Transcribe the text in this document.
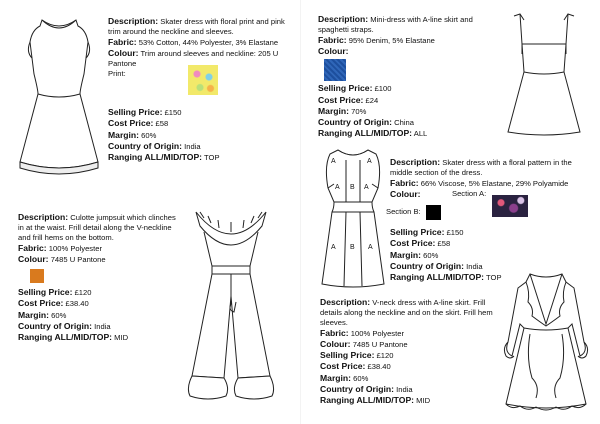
Description: Skater dress with floral print and pink trim around the neckline and sleeves.

Fabric: 53% Cotton, 44% Polyester, 3% Elastane

Colour: Trim around sleeves and neckline: 205 U Pantone

Print:

Selling Price: £150

Cost Price: £58

Margin: 60%

Country of Origin: India

Ranging ALL/MID/TOP: TOP

Description: Mini-dress with A-line skirt and spaghetti straps.

Fabric: 95% Denim, 5% Elastane

Colour:

Selling Price: £100

Cost Price: £24

Margin: 70%

Country of Origin: China

Ranging ALL/MID/TOP: ALL

A	A
A B A
A B A

Description: Skater dress with a floral pattern in the middle section of the dress.

Fabric: 66% Viscose, 5% Elastane, 29% Polyamide

Colour:	Section A:

Section B:

Selling Price: £150

Cost Price: £58

Margin: 60%

Country of Origin: India

Ranging ALL/MID/TOP: TOP

Description: Culotte jumpsuit which clinches in at the waist. Frill detail along the V-neckline and frill hems on the bottom.

Fabric: 100% Polyester

Colour: 7485 U Pantone

Selling Price: £120

Cost Price: £38.40

Margin: 60%

Country of Origin: India

Ranging ALL/MID/TOP: MID

Description: V-neck dress with A-line skirt. Frill details along the neckline and on the skirt. Frill hem sleeves.

Fabric: 100% Polyester

Colour: 7485 U Pantone

Selling Price: £120

Cost Price: £38.40

Margin: 60%

Country of Origin: India

Ranging ALL/MID/TOP: MID
